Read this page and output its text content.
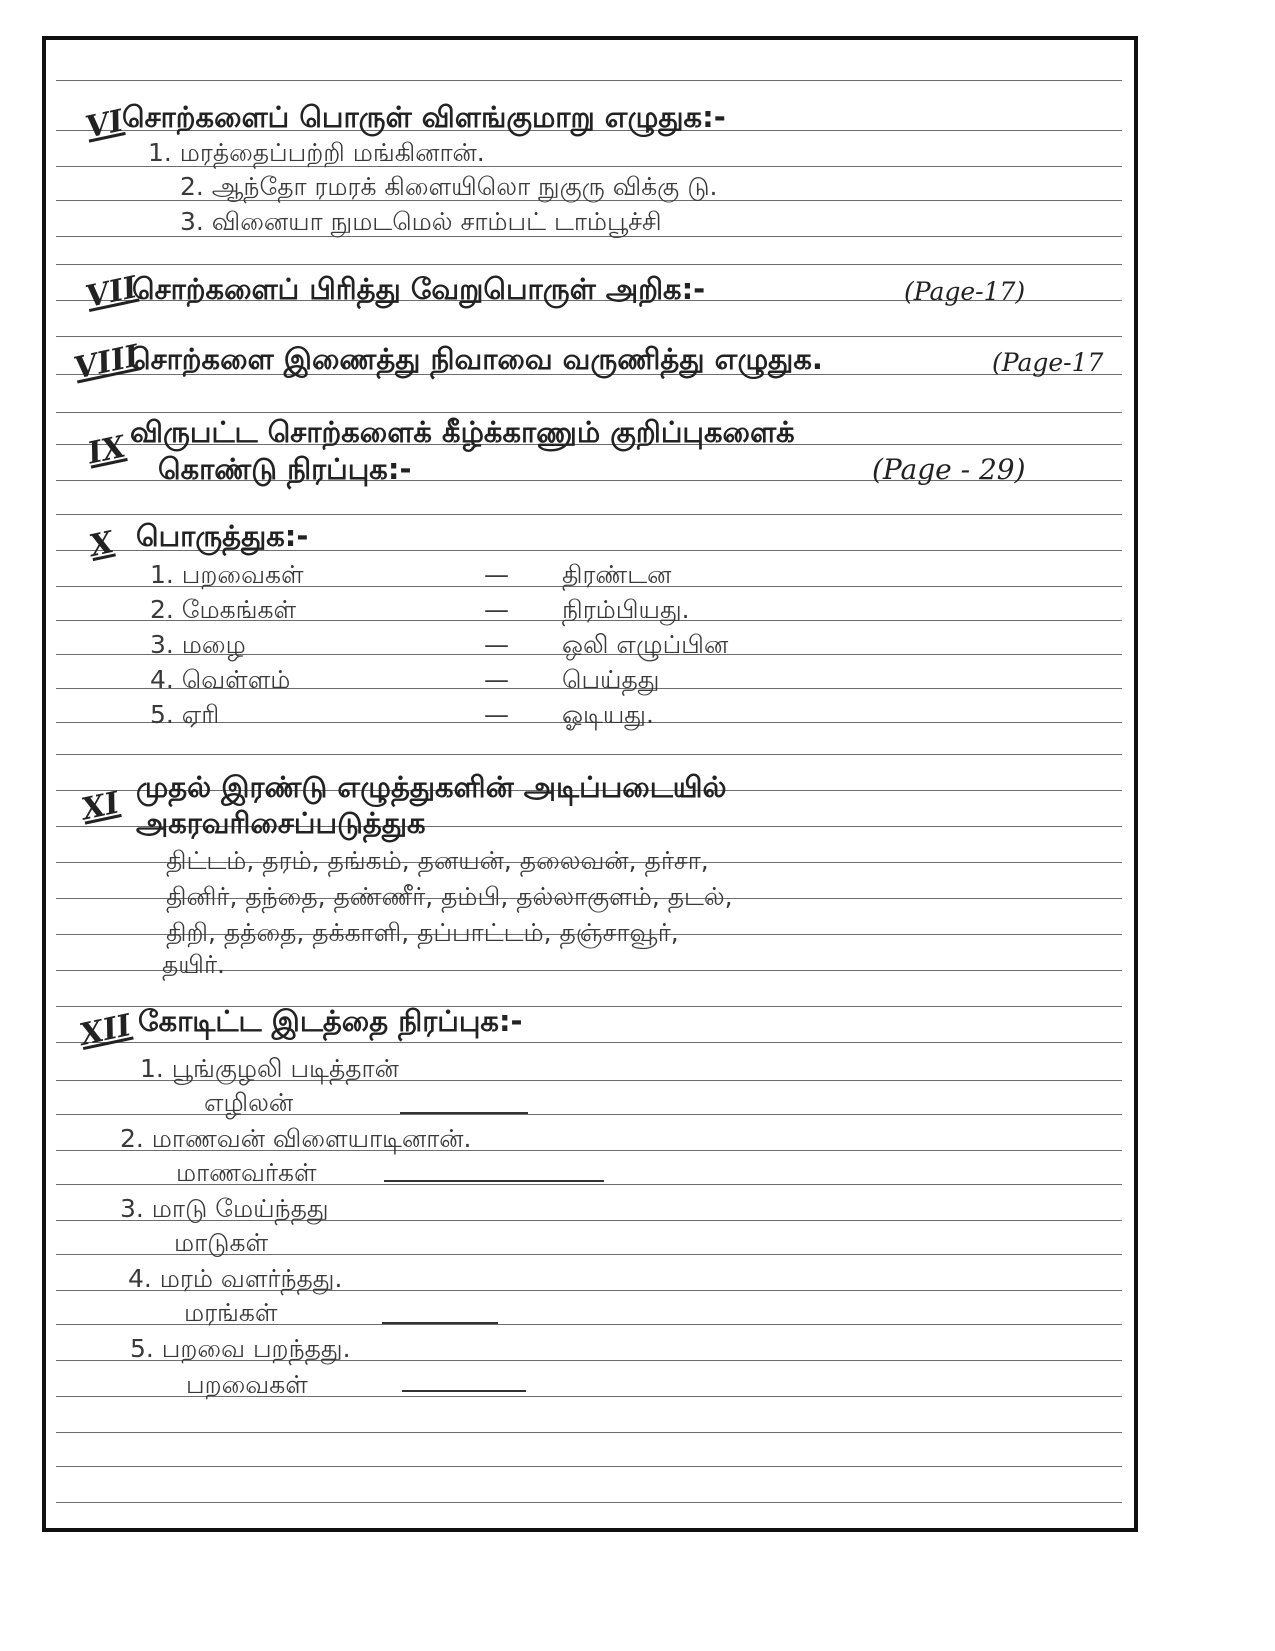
VI
சொற்களைப் பொருள் விளங்குமாறு எழுதுக:-
1. மரத்தைப்பற்றி மங்கினான்.
2. ஆந்தோ ரமரக் கிளையிலொ நுகுரு விக்கு டு.
3. வினையா நுமடமெல் சாம்பட் டாம்பூச்சி
VII
சொற்களைப் பிரித்து வேறுபொருள் அறிக:-	(Page-17)
VIII
சொற்களை இணைத்து நிவாவை வருணித்து எழுதுக.	(Page-17
IX விருபட்ட சொற்களைக் கீழ்க்காணும் குறிப்புகளைக்
கொண்டு நிரப்புக:-	(Page - 29)
X பொருத்துக:-
1. பறவைகள்	— திரண்டன
2. மேகங்கள்	— நிரம்பியது.
3. மழை	— ஒலி எழுப்பின
4. வெள்ளம்	— பெய்தது
5. ஏரி	— ஓடியது.
XI முதல் இரண்டு எழுத்துகளின் அடிப்படையில்
அகரவரிசைப்படுத்துக
திட்டம், தரம், தங்கம், தனயன், தலைவன், தர்சா,
தினிர், தந்தை, தண்ணீர், தம்பி, தல்லாகுளம், தடல்,
திறி, தத்தை, தக்காளி, தப்பாட்டம், தஞ்சாவூர்,
தயிர்.
XII கோடிட்ட இடத்தை நிரப்புக:-
1. பூங்குழலி படித்தான்
எழிலன்
2. மாணவன் விளையாடினான்.
மாணவர்கள்
3. மாடு மேய்ந்தது
மாடுகள்
4. மரம் வளர்ந்தது.
மரங்கள்
5. பறவை பறந்தது.
பறவைகள்
